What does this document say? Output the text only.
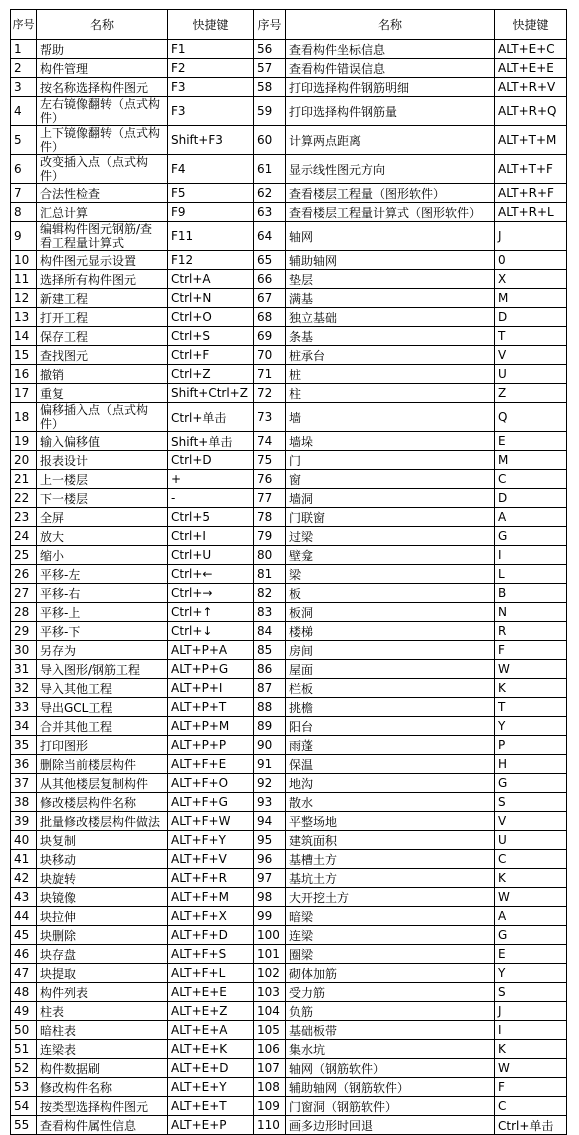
序号	名称	快捷键	序号	名称	快捷键
1	帮助	F1	56	查看构件坐标信息	ALT+E+C
2	构件管理	F2	57	查看构件错误信息	ALT+E+E
3	按名称选择构件图元	F3	58	打印选择构件钢筋明细	ALT+R+V
4	左右镜像翻转（点式构件）	F3	59	打印选择构件钢筋量	ALT+R+Q
5	上下镜像翻转（点式构件）	Shift+F3	60	计算两点距离	ALT+T+M
6	改变插入点（点式构件）	F4	61	显示线性图元方向	ALT+T+F
7	合法性检查	F5	62	查看楼层工程量（图形软件）	ALT+R+F
8	汇总计算	F9	63	查看楼层工程量计算式（图形软件）	ALT+R+L
9	编辑构件图元钢筋/查看工程量计算式	F11	64	轴网	J
10	构件图元显示设置	F12	65	辅助轴网	0
11	选择所有构件图元	Ctrl+A	66	垫层	X
12	新建工程	Ctrl+N	67	满基	M
13	打开工程	Ctrl+O	68	独立基础	D
14	保存工程	Ctrl+S	69	条基	T
15	查找图元	Ctrl+F	70	桩承台	V
16	撤销	Ctrl+Z	71	桩	U
17	重复	Shift+Ctrl+Z	72	柱	Z
18	偏移插入点（点式构件）	Ctrl+单击	73	墙	Q
19	输入偏移值	Shift+单击	74	墙垛	E
20	报表设计	Ctrl+D	75	门	M
21	上一楼层	+	76	窗	C
22	下一楼层	-	77	墙洞	D
23	全屏	Ctrl+5	78	门联窗	A
24	放大	Ctrl+I	79	过梁	G
25	缩小	Ctrl+U	80	壁龛	I
26	平移-左	Ctrl+←	81	梁	L
27	平移-右	Ctrl+→	82	板	B
28	平移-上	Ctrl+↑	83	板洞	N
29	平移-下	Ctrl+↓	84	楼梯	R
30	另存为	ALT+P+A	85	房间	F
31	导入图形/钢筋工程	ALT+P+G	86	屋面	W
32	导入其他工程	ALT+P+I	87	栏板	K
33	导出GCL工程	ALT+P+T	88	挑檐	T
34	合并其他工程	ALT+P+M	89	阳台	Y
35	打印图形	ALT+P+P	90	雨蓬	P
36	删除当前楼层构件	ALT+F+E	91	保温	H
37	从其他楼层复制构件	ALT+F+O	92	地沟	G
38	修改楼层构件名称	ALT+F+G	93	散水	S
39	批量修改楼层构件做法	ALT+F+W	94	平整场地	V
40	块复制	ALT+F+Y	95	建筑面积	U
41	块移动	ALT+F+V	96	基槽土方	C
42	块旋转	ALT+F+R	97	基坑土方	K
43	块镜像	ALT+F+M	98	大开挖土方	W
44	块拉伸	ALT+F+X	99	暗梁	A
45	块删除	ALT+F+D	100	连梁	G
46	块存盘	ALT+F+S	101	圈梁	E
47	块提取	ALT+F+L	102	砌体加筋	Y
48	构件列表	ALT+E+E	103	受力筋	S
49	柱表	ALT+E+Z	104	负筋	J
50	暗柱表	ALT+E+A	105	基础板带	I
51	连梁表	ALT+E+K	106	集水坑	K
52	构件数据刷	ALT+E+D	107	轴网（钢筋软件）	W
53	修改构件名称	ALT+E+Y	108	辅助轴网（钢筋软件）	F
54	按类型选择构件图元	ALT+E+T	109	门窗洞（钢筋软件）	C
55	查看构件属性信息	ALT+E+P	110	画多边形时回退	Ctrl+单击
